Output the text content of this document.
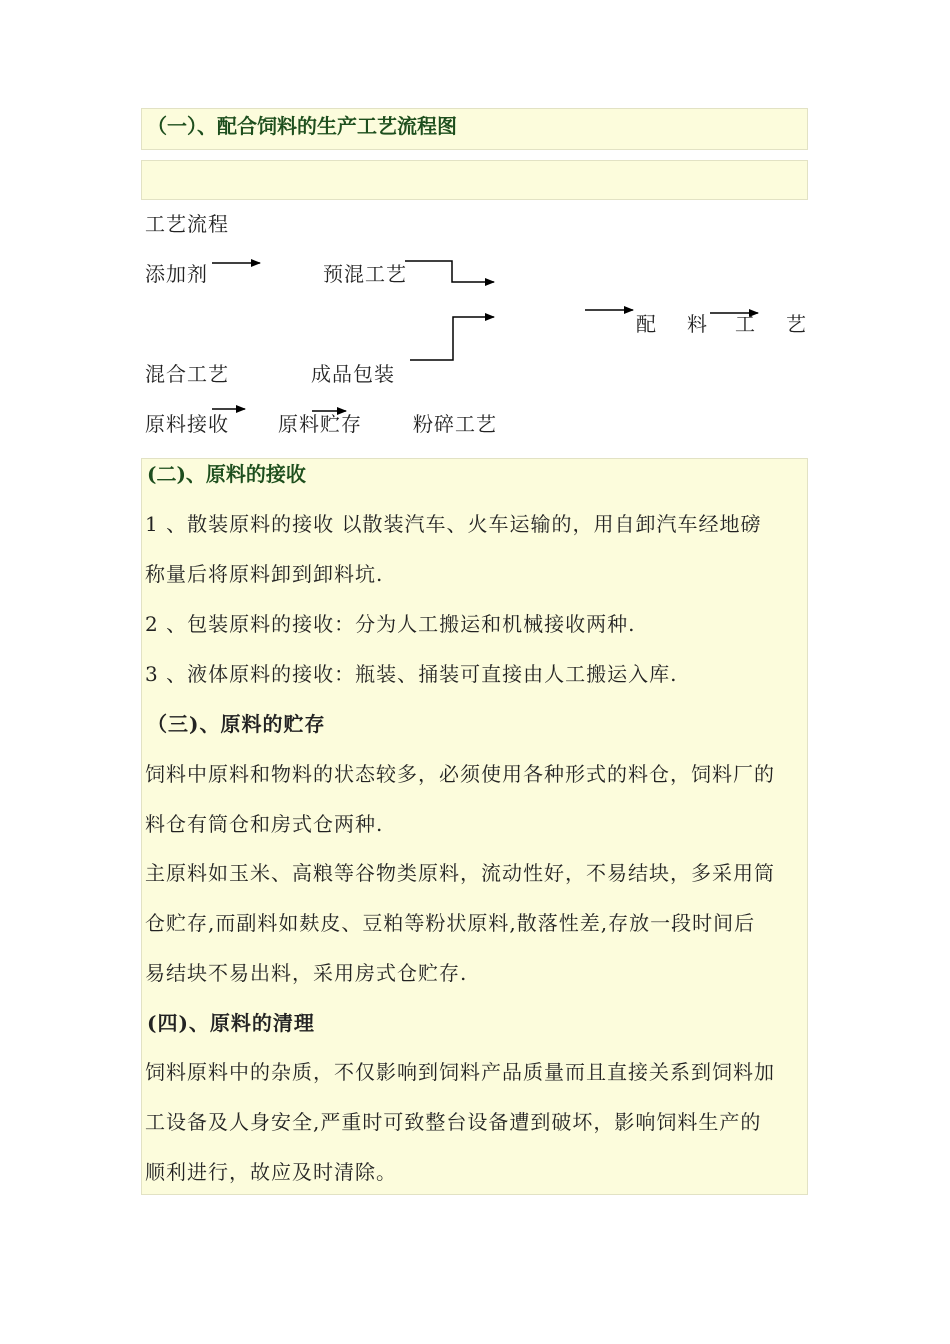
（一）、配合饲料的生产工艺流程图
工艺流程
添加剂	预混工艺
配 料 工 艺
混合工艺	成品包装
原料接收 原料贮存	粉碎工艺
(二)、原料的接收
1 、散装原料的接收 以散装汽车、火车运输的，用自卸汽车经地磅
称量后将原料卸到卸料坑.
2 、包装原料的接收：分为人工搬运和机械接收两种.
3 、液体原料的接收：瓶装、捅装可直接由人工搬运入库.
（三)、原料的贮存
饲料中原料和物料的状态较多，必须使用各种形式的料仓，饲料厂的
料仓有筒仓和房式仓两种.
主原料如玉米、高粮等谷物类原料，流动性好，不易结块，多采用筒
仓贮存,而副料如麸皮、豆粕等粉状原料,散落性差,存放一段时间后
易结块不易出料，采用房式仓贮存.
(四)、原料的清理
饲料原料中的杂质，不仅影响到饲料产品质量而且直接关系到饲料加
工设备及人身安全,严重时可致整台设备遭到破坏，影响饲料生产的
顺利进行，故应及时清除。
